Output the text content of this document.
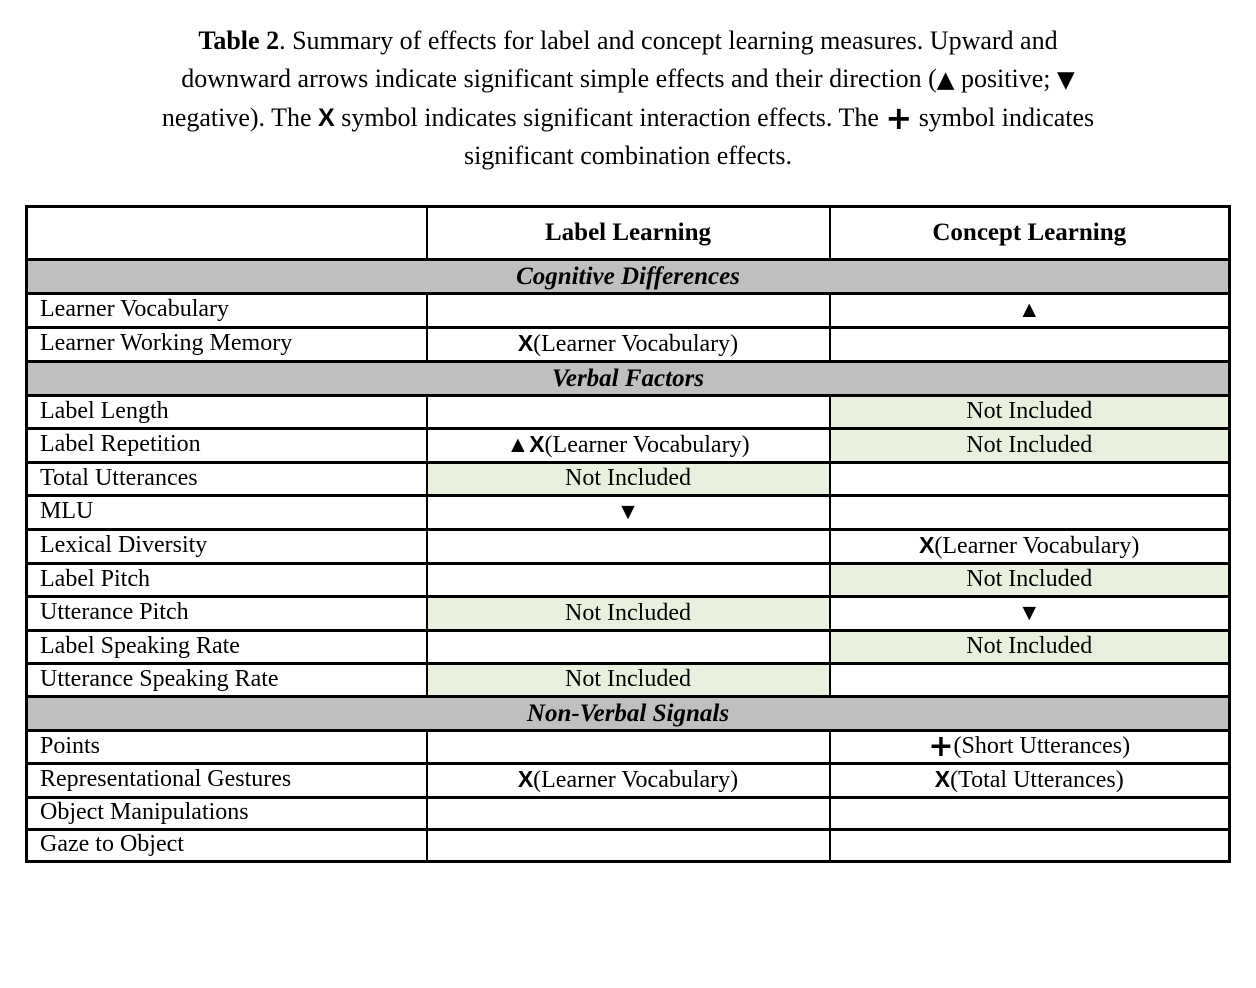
Table 2. Summary of effects for label and concept learning measures. Upward and
downward arrows indicate significant simple effects and their direction (▲ positive; ▼
negative). The X symbol indicates significant interaction effects. The + symbol indicates
significant combination effects.
	Label Learning	Concept Learning
Cognitive Differences		
Learner Vocabulary		▲
Learner Working Memory	X(Learner Vocabulary)	
Verbal Factors		
Label Length		Not Included
Label Repetition	▲X(Learner Vocabulary)	Not Included
Total Utterances	Not Included	
MLU	▼	
Lexical Diversity		X(Learner Vocabulary)
Label Pitch		Not Included
Utterance Pitch	Not Included	▼
Label Speaking Rate		Not Included
Utterance Speaking Rate	Not Included	
Non-Verbal Signals		
Points		+(Short Utterances)
Representational Gestures	X(Learner Vocabulary)	X(Total Utterances)
Object Manipulations		
Gaze to Object		
